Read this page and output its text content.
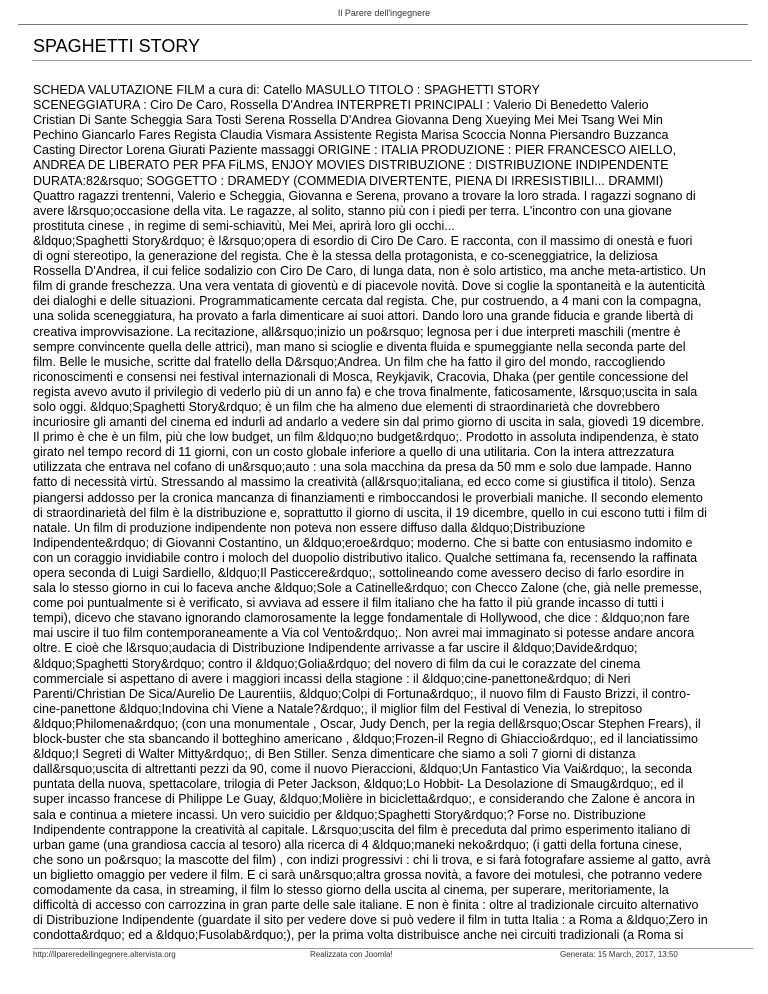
Il Parere dell'ingegnere
SPAGHETTI STORY

SCHEDA VALUTAZIONE FILM a cura di: Catello MASULLO TITOLO : SPAGHETTI STORY

SCENEGGIATURA : Ciro De Caro, Rossella D'Andrea INTERPRETI PRINCIPALI : Valerio Di Benedetto Valerio

Cristian Di Sante Scheggia Sara Tosti Serena Rossella D'Andrea Giovanna Deng Xueying Mei Mei Tsang Wei Min

Pechino Giancarlo Fares Regista Claudia Vismara Assistente Regista Marisa Scoccia Nonna Piersandro Buzzanca

Casting Director Lorena Giurati Paziente massaggi ORIGINE : ITALIA PRODUZIONE : PIER FRANCESCO AIELLO,

ANDREA DE LIBERATO PER PFA FiLMS, ENJOY MOVIES DISTRIBUZIONE : DISTRIBUZIONE INDIPENDENTE

DURATA:82&rsquo; SOGGETTO : DRAMEDY (COMMEDIA DIVERTENTE, PIENA DI IRRESISTIBILI... DRAMMI)

Quattro ragazzi trentenni, Valerio e Scheggia, Giovanna e Serena, provano a trovare la loro strada. I ragazzi sognano di

avere l&rsquo;occasione della vita. Le ragazze, al solito, stanno più con i piedi per terra. L'incontro con una giovane

prostituta cinese , in regime di semi-schiavitù, Mei Mei, aprirà loro gli occhi...

&ldquo;Spaghetti Story&rdquo; è l&rsquo;opera di esordio di Ciro De Caro. E racconta, con il massimo di onestà e fuori

di ogni stereotipo, la generazione del regista. Che è la stessa della protagonista, e co-sceneggiatrice, la deliziosa

Rossella D'Andrea, il cui felice sodalizio con Ciro De Caro, di lunga data, non è solo artistico, ma anche meta-artistico. Un

film di grande freschezza. Una vera ventata di gioventù e di piacevole novità. Dove si coglie la spontaneità e la autenticità

dei dialoghi e delle situazioni. Programmaticamente cercata dal regista. Che, pur costruendo, a 4 mani con la compagna,

una solida sceneggiatura, ha provato a farla dimenticare ai suoi attori. Dando loro una grande fiducia e grande libertà di

creativa improvvisazione. La recitazione, all&rsquo;inizio un po&rsquo; legnosa per i due interpreti maschili (mentre è

sempre convincente quella delle attrici), man mano si scioglie e diventa fluida e spumeggiante nella seconda parte del

film. Belle le musiche, scritte dal fratello della D&rsquo;Andrea. Un film che ha fatto il giro del mondo, raccogliendo

riconoscimenti e consensi nei festival internazionali di Mosca, Reykjavik, Cracovia, Dhaka (per gentile concessione del

regista avevo avuto il privilegio di vederlo più di un anno fa) e che trova finalmente, faticosamente, l&rsquo;uscita in sala

solo oggi. &ldquo;Spaghetti Story&rdquo; è un film che ha almeno due elementi di straordinarietà che dovrebbero

incuriosire gli amanti del cinema ed indurli ad andarlo a vedere sin dal primo giorno di uscita in sala, giovedì 19 dicembre.

Il primo è che è un film, più che low budget, un film &ldquo;no budget&rdquo;. Prodotto in assoluta indipendenza, è stato

girato nel tempo record di 11 giorni, con un costo globale inferiore a quello di una utilitaria. Con la intera attrezzatura

utilizzata che entrava nel cofano di un&rsquo;auto : una sola macchina da presa da 50 mm e solo due lampade. Hanno

fatto di necessità virtù. Stressando al massimo la creatività (all&rsquo;italiana, ed ecco come si giustifica il titolo). Senza

piangersi addosso per la cronica mancanza di finanziamenti e rimboccandosi le proverbiali maniche. Il secondo elemento

di straordinarietà del film è la distribuzione e, soprattutto il giorno di uscita, il 19 dicembre, quello in cui escono tutti i film di

natale. Un film di produzione indipendente non poteva non essere diffuso dalla &ldquo;Distribuzione

Indipendente&rdquo; di Giovanni Costantino, un &ldquo;eroe&rdquo; moderno. Che si batte con entusiasmo indomito e

con un coraggio invidiabile contro i moloch del duopolio distributivo italico. Qualche settimana fa, recensendo la raffinata

opera seconda di Luigi Sardiello, &ldquo;Il Pasticcere&rdquo;, sottolineando come avessero deciso di farlo esordire in

sala lo stesso giorno in cui lo faceva anche &ldquo;Sole a Catinelle&rdquo; con Checco Zalone (che, già nelle premesse,

come poi puntualmente si è verificato, si avviava ad essere il film italiano che ha fatto il più grande incasso di tutti i

tempi), dicevo che stavano ignorando clamorosamente la legge fondamentale di Hollywood, che dice : &ldquo;non fare

mai uscire il tuo film contemporaneamente a Via col Vento&rdquo;. Non avrei mai immaginato si potesse andare ancora

oltre. E cioè che l&rsquo;audacia di Distribuzione Indipendente arrivasse a far uscire il &ldquo;Davide&rdquo;

&ldquo;Spaghetti Story&rdquo; contro il &ldquo;Golia&rdquo; del novero di film da cui le corazzate del cinema

commerciale si aspettano di avere i maggiori incassi della stagione : il &ldquo;cine-panettone&rdquo; di Neri

Parenti/Christian De Sica/Aurelio De Laurentiis, &ldquo;Colpi di Fortuna&rdquo;, il nuovo film di Fausto Brizzi, il contro-

cine-panettone &ldquo;Indovina chi Viene a Natale?&rdquo;, il miglior film del Festival di Venezia, lo strepitoso

&ldquo;Philomena&rdquo; (con una monumentale , Oscar, Judy Dench, per la regia dell&rsquo;Oscar Stephen Frears), il

block-buster che sta sbancando il botteghino americano , &ldquo;Frozen-il Regno di Ghiaccio&rdquo;, ed il lanciatissimo

&ldquo;I Segreti di Walter Mitty&rdquo;, di Ben Stiller. Senza dimenticare che siamo a soli 7 giorni di distanza

dall&rsquo;uscita di altrettanti pezzi da 90, come il nuovo Pieraccioni, &ldquo;Un Fantastico Via Vai&rdquo;, la seconda

puntata della nuova, spettacolare, trilogia di Peter Jackson, &ldquo;Lo Hobbit- La Desolazione di Smaug&rdquo;, ed il

super incasso francese di Philippe Le Guay, &ldquo;Molière in bicicletta&rdquo;, e considerando che Zalone è ancora in

sala e continua a mietere incassi. Un vero suicidio per &ldquo;Spaghetti Story&rdquo;? Forse no. Distribuzione

Indipendente contrappone la creatività al capitale. L&rsquo;uscita del film è preceduta dal primo esperimento italiano di

urban game (una grandiosa caccia al tesoro) alla ricerca di 4 &ldquo;maneki neko&rdquo; (i gatti della fortuna cinese,

che sono un po&rsquo; la mascotte del film) , con indizi progressivi : chi li trova, e si farà fotografare assieme al gatto, avrà

un biglietto omaggio per vedere il film. E ci sarà un&rsquo;altra grossa novità, a favore dei motulesi, che potranno vedere

comodamente da casa, in streaming, il film lo stesso giorno della uscita al cinema, per superare, meritoriamente, la

difficoltà di accesso con carrozzina in gran parte delle sale italiane. E non è finita : oltre al tradizionale circuito alternativo

di Distribuzione Indipendente (guardate il sito per vedere dove si può vedere il film in tutta Italia : a Roma a &ldquo;Zero in

condotta&rdquo; ed a &ldquo;Fusolab&rdquo;), per la prima volta distribuisce anche nei circuiti tradizionali (a Roma si

http://ilpareredellingegnere.altervista.org	Realizzata con Joomla!	Generata: 15 March, 2017, 13:50
